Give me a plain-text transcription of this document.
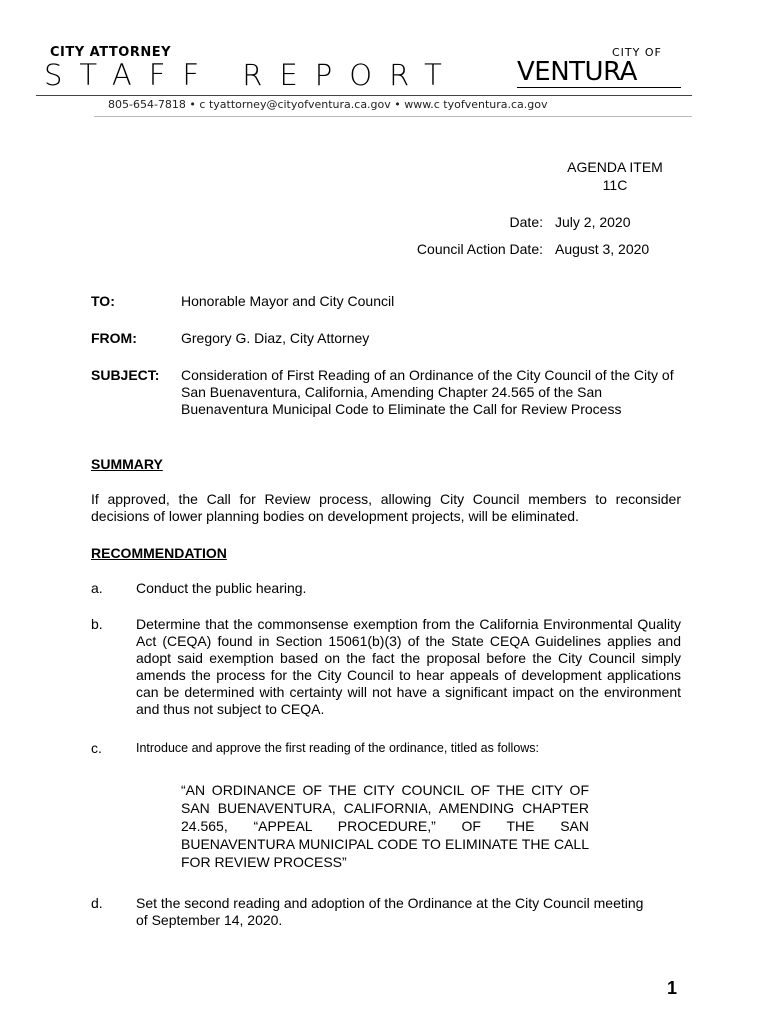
CITY ATTORNEY
STAFF REPORT
CITY OF
VENTURA
805-654-7818 • c tyattorney@cityofventura.ca.gov • www.c tyofventura.ca.gov
AGENDA ITEM
11C
Date: July 2, 2020
Council Action Date: August 3, 2020
TO:	Honorable Mayor and City Council
FROM:	Gregory G. Diaz, City Attorney
SUBJECT: Consideration of First Reading of an Ordinance of the City Council of the City of San Buenaventura, California, Amending Chapter 24.565 of the San Buenaventura Municipal Code to Eliminate the Call for Review Process
SUMMARY
If approved, the Call for Review process, allowing City Council members to reconsider decisions of lower planning bodies on development projects, will be eliminated.
RECOMMENDATION
a. Conduct the public hearing.
b. Determine that the commonsense exemption from the California Environmental Quality Act (CEQA) found in Section 15061(b)(3) of the State CEQA Guidelines applies and adopt said exemption based on the fact the proposal before the City Council simply amends the process for the City Council to hear appeals of development applications can be determined with certainty will not have a significant impact on the environment and thus not subject to CEQA.
c.	Introduce and approve the first reading of the ordinance, titled as follows:
“AN ORDINANCE OF THE CITY COUNCIL OF THE CITY OF SAN BUENAVENTURA, CALIFORNIA, AMENDING CHAPTER 24.565, “APPEAL PROCEDURE,” OF THE SAN BUENAVENTURA MUNICIPAL CODE TO ELIMINATE THE CALL FOR REVIEW PROCESS”
d. Set the second reading and adoption of the Ordinance at the City Council meeting of September 14, 2020.
1
